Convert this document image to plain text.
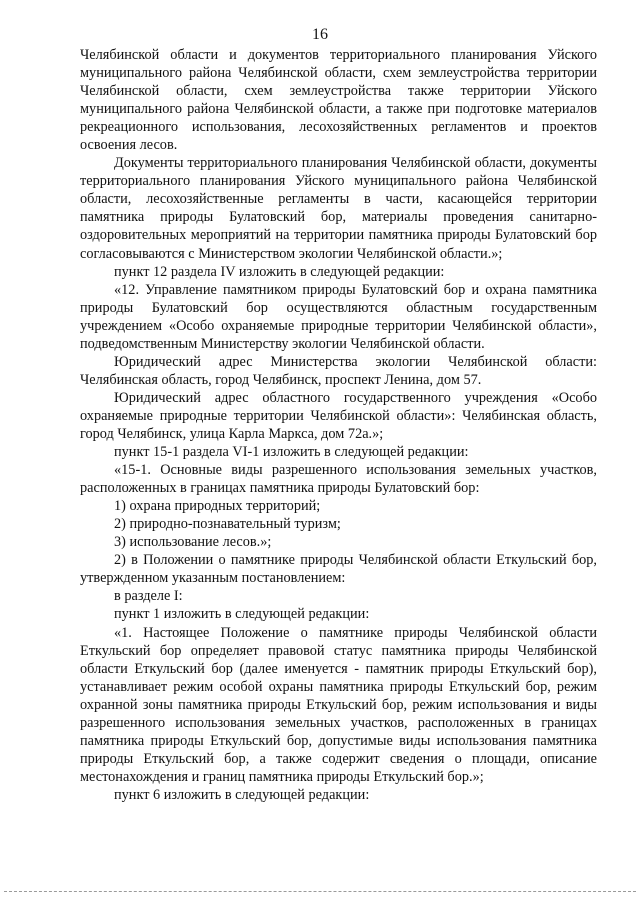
16

Челябинской области и документов территориального планирования Уйского муниципального района Челябинской области, схем землеустройства территории Челябинской области, схем землеустройства также территории Уйского муниципального района Челябинской области, а также при подготовке материалов рекреационного использования, лесохозяйственных регламентов и проектов освоения лесов.

Документы территориального планирования Челябинской области, документы территориального планирования Уйского муниципального района Челябинской области, лесохозяйственные регламенты в части, касающейся территории памятника природы Булатовский бор, материалы проведения санитарно-оздоровительных мероприятий на территории памятника природы Булатовский бор согласовываются с Министерством экологии Челябинской области.»;

пункт 12 раздела IV изложить в следующей редакции:

«12. Управление памятником природы Булатовский бор и охрана памятника природы Булатовский бор осуществляются областным государственным учреждением «Особо охраняемые природные территории Челябинской области», подведомственным Министерству экологии Челябинской области.

Юридический адрес Министерства экологии Челябинской области: Челябинская область, город Челябинск, проспект Ленина, дом 57.

Юридический адрес областного государственного учреждения «Особо охраняемые природные территории Челябинской области»: Челябинская область, город Челябинск, улица Карла Маркса, дом 72а.»;

пункт 15-1 раздела VI-1 изложить в следующей редакции:

«15-1. Основные виды разрешенного использования земельных участков, расположенных в границах памятника природы Булатовский бор:

1) охрана природных территорий;

2) природно-познавательный туризм;

3) использование лесов.»;

2) в Положении о памятнике природы Челябинской области Еткульский бор, утвержденном указанным постановлением:

в разделе I:

пункт 1 изложить в следующей редакции:

«1. Настоящее Положение о памятнике природы Челябинской области Еткульский бор определяет правовой статус памятника природы Челябинской области Еткульский бор (далее именуется - памятник природы Еткульский бор), устанавливает режим особой охраны памятника природы Еткульский бор, режим охранной зоны памятника природы Еткульский бор, режим использования и виды разрешенного использования земельных участков, расположенных в границах памятника природы Еткульский бор, допустимые виды использования памятника природы Еткульский бор, а также содержит сведения о площади, описание местонахождения и границ памятника природы Еткульский бор.»;

пункт 6 изложить в следующей редакции:
